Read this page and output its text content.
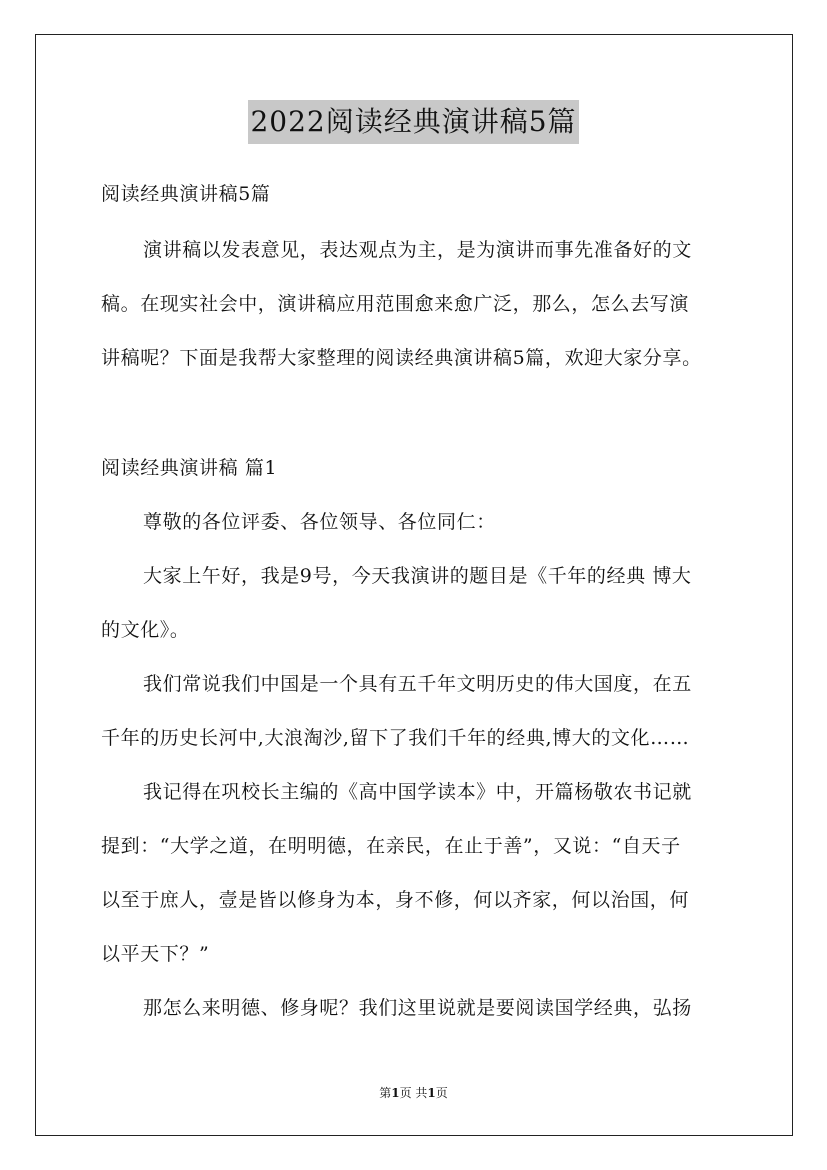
2022阅读经典演讲稿5篇
阅读经典演讲稿5篇
演讲稿以发表意见，表达观点为主，是为演讲而事先准备好的文
稿。在现实社会中，演讲稿应用范围愈来愈广泛，那么，怎么去写演
讲稿呢？下面是我帮大家整理的阅读经典演讲稿5篇，欢迎大家分享。
阅读经典演讲稿 篇1
尊敬的各位评委、各位领导、各位同仁：
大家上午好，我是9号，今天我演讲的题目是《千年的经典 博大
的文化》。
我们常说我们中国是一个具有五千年文明历史的伟大国度，在五
千年的历史长河中,大浪淘沙,留下了我们千年的经典,博大的文化……
我记得在巩校长主编的《高中国学读本》中，开篇杨敬农书记就
提到：“大学之道，在明明德，在亲民，在止于善”，又说：“自天子
以至于庶人，壹是皆以修身为本，身不修，何以齐家，何以治国，何
以平天下？”
那怎么来明德、修身呢？我们这里说就是要阅读国学经典，弘扬
第1页 共1页
